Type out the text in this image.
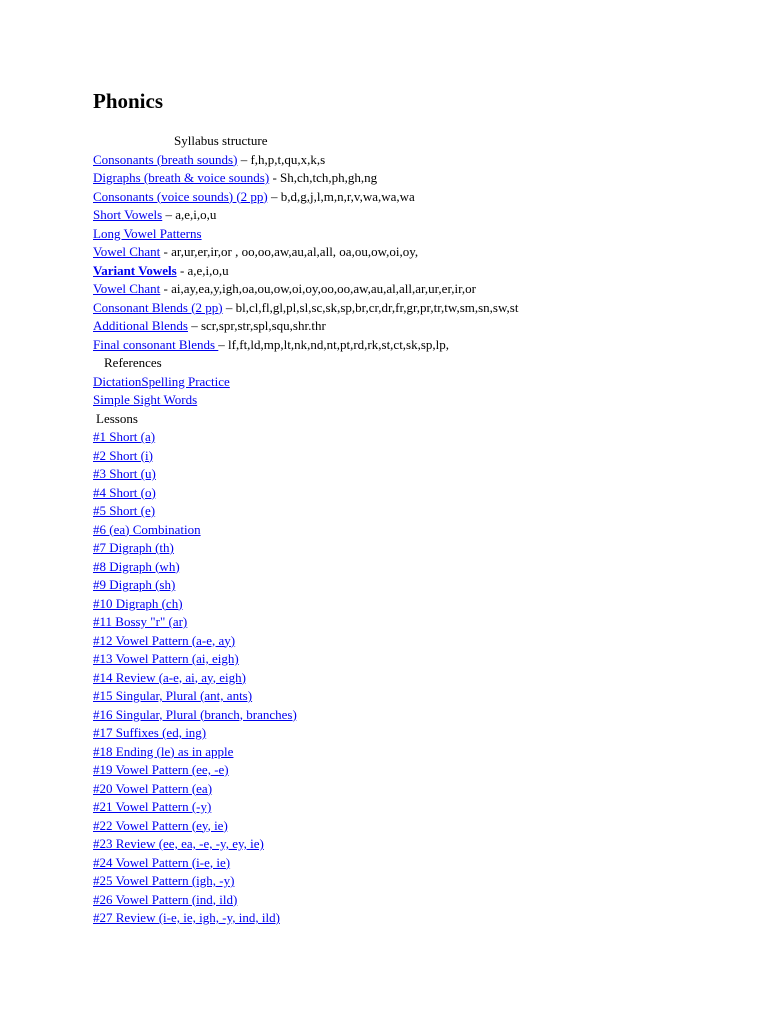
Phonics
Syllabus structure
Consonants (breath sounds) – f,h,p,t,qu,x,k,s
Digraphs (breath & voice sounds) - Sh,ch,tch,ph,gh,ng
Consonants (voice sounds) (2 pp) – b,d,g,j,l,m,n,r,v,wa,wa,wa
Short Vowels – a,e,i,o,u
Long Vowel Patterns
Vowel Chant - ar,ur,er,ir,or , oo,oo,aw,au,al,all, oa,ou,ow,oi,oy,
Variant Vowels - a,e,i,o,u
Vowel Chant - ai,ay,ea,y,igh,oa,ou,ow,oi,oy,oo,oo,aw,au,al,all,ar,ur,er,ir,or
Consonant Blends (2 pp) – bl,cl,fl,gl,pl,sl,sc,sk,sp,br,cr,dr,fr,gr,pr,tr,tw,sm,sn,sw,st
Additional Blends – scr,spr,str,spl,squ,shr.thr
Final consonant Blends – lf,ft,ld,mp,lt,nk,nd,nt,pt,rd,rk,st,ct,sk,sp,lp,
References
DictationSpelling Practice
Simple Sight Words
Lessons
#1 Short (a)
#2 Short (i)
#3 Short (u)
#4 Short (o)
#5 Short (e)
#6 (ea) Combination
#7 Digraph (th)
#8 Digraph (wh)
#9 Digraph (sh)
#10 Digraph (ch)
#11 Bossy "r" (ar)
#12 Vowel Pattern (a-e, ay)
#13 Vowel Pattern (ai, eigh)
#14 Review (a-e, ai, ay, eigh)
#15 Singular, Plural (ant, ants)
#16 Singular, Plural (branch, branches)
#17 Suffixes (ed, ing)
#18 Ending (le) as in apple
#19 Vowel Pattern (ee, -e)
#20 Vowel Pattern (ea)
#21 Vowel Pattern (-y)
#22 Vowel Pattern (ey, ie)
#23 Review (ee, ea, -e, -y, ey, ie)
#24 Vowel Pattern (i-e, ie)
#25 Vowel Pattern (igh, -y)
#26 Vowel Pattern (ind, ild)
#27 Review (i-e, ie, igh, -y, ind, ild)
